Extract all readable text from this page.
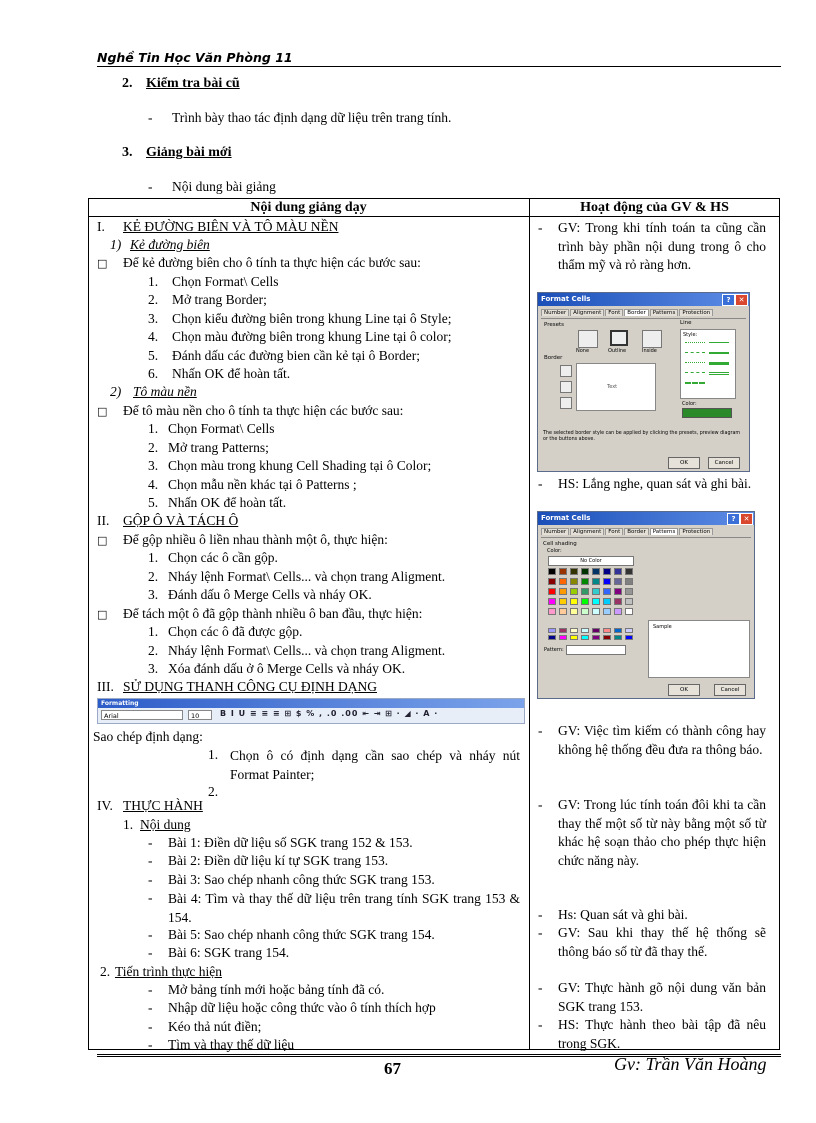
Nghề Tin Học Văn Phòng 11
2. Kiểm tra bài cũ
- Trình bày thao tác định dạng dữ liệu trên trang tính.
3. Giảng bài mới
- Nội dung bài giảng
Nội dung giảng dạy	Hoạt động của GV & HS
I. KẺ ĐƯỜNG BIÊN VÀ TÔ MÀU NỀN
1) Kẻ đường biên
□ Để kẻ đường biên cho ô tính ta thực hiện các bước sau:
1. Chọn Format\ Cells
2. Mở trang Border;
3. Chọn kiểu đường biên trong khung Line tại ô Style;
4. Chọn màu đường biên trong khung Line tại ô color;
5. Đánh dấu các đường bien cần kẻ tại ô Border;
6. Nhấn OK để hoàn tất.
2) Tô màu nền
□ Để tô màu nền cho ô tính ta thực hiện các bước sau:
1. Chọn Format\ Cells
2. Mở trang Patterns;
3. Chọn màu trong khung Cell Shading tại ô Color;
4. Chọn mẫu nền khác tại ô Patterns ;
5. Nhấn OK để hoàn tất.
II. GỘP Ô VÀ TÁCH Ô
□ Để gộp nhiều ô liền nhau thành một ô, thực hiện:
1. Chọn các ô cần gộp.
2. Nháy lệnh Format\ Cells... và chọn trang Aligment.
3. Đánh dấu ô Merge Cells và nháy OK.
□ Để tách một ô đã gộp thành nhiều ô ban đầu, thực hiện:
1. Chọn các ô đã được gộp.
2. Nháy lệnh Format\ Cells... và chọn trang Aligment.
3. Xóa đánh dấu ở ô Merge Cells và nháy OK.
III. SỬ DỤNG THANH CÔNG CỤ ĐỊNH DẠNG
Formatting
Arial	10	B I U ≡ ≡ ≡ ⊞ $ % , .0 .00 ⇤ ⇥ ⊞ · ◢ · A ·
Sao chép định dạng:
1. Chọn ô có định dạng cần sao chép và nháy nút Format Painter;
2.
IV. THỰC HÀNH
1. Nội dung
- Bài 1: Điền dữ liệu số SGK trang 152 & 153.
- Bài 2: Điền dữ liệu kí tự SGK trang 153.
- Bài 3: Sao chép nhanh công thức SGK trang 153.
- Bài 4: Tìm và thay thế dữ liệu trên trang tính SGK trang 153 & 154.
- Bài 5: Sao chép nhanh công thức SGK trang 154.
- Bài 6: SGK trang 154.
2. Tiến trình thực hiện
- Mở bảng tính mới hoặc bảng tính đã có.
- Nhập dữ liệu hoặc công thức vào ô tính thích hợp
- Kéo thả nút điền;
- Tìm và thay thế dữ liệu
- GV: Trong khi tính toán ta cũng cần trình bày phần nội dung trong ô cho thẩm mỹ và rỏ ràng hơn.
Format Cells	?	✕
Number Alignment Font Border Patterns Protection
Presets
None	Outline	Inside
Border
Text
Line
Style:
Color:
The selected border style can be applied by clicking the presets, preview diagram or the buttons above.
OK	Cancel
- HS: Lắng nghe, quan sát và ghi bài.
Format Cells	?	✕
Number Alignment Font Border Patterns Protection
Cell shading
Color:
No Color
Sample
Pattern:
OK	Cancel
- GV: Việc tìm kiếm có thành công hay không hệ thống đều đưa ra thông báo.
- GV: Trong lúc tính toán đôi khi ta cần thay thế một số từ này bằng một số từ khác hệ soạn thảo cho phép thực hiện chức năng này.
- Hs: Quan sát và ghi bài.
- GV: Sau khi thay thế hệ thống sẽ thông báo số từ đã thay thế.
- GV: Thực hành gõ nội dung văn bản SGK trang 153.
- HS: Thực hành theo bài tập đã nêu trong SGK.
67	Gv: Trần Văn Hoàng
